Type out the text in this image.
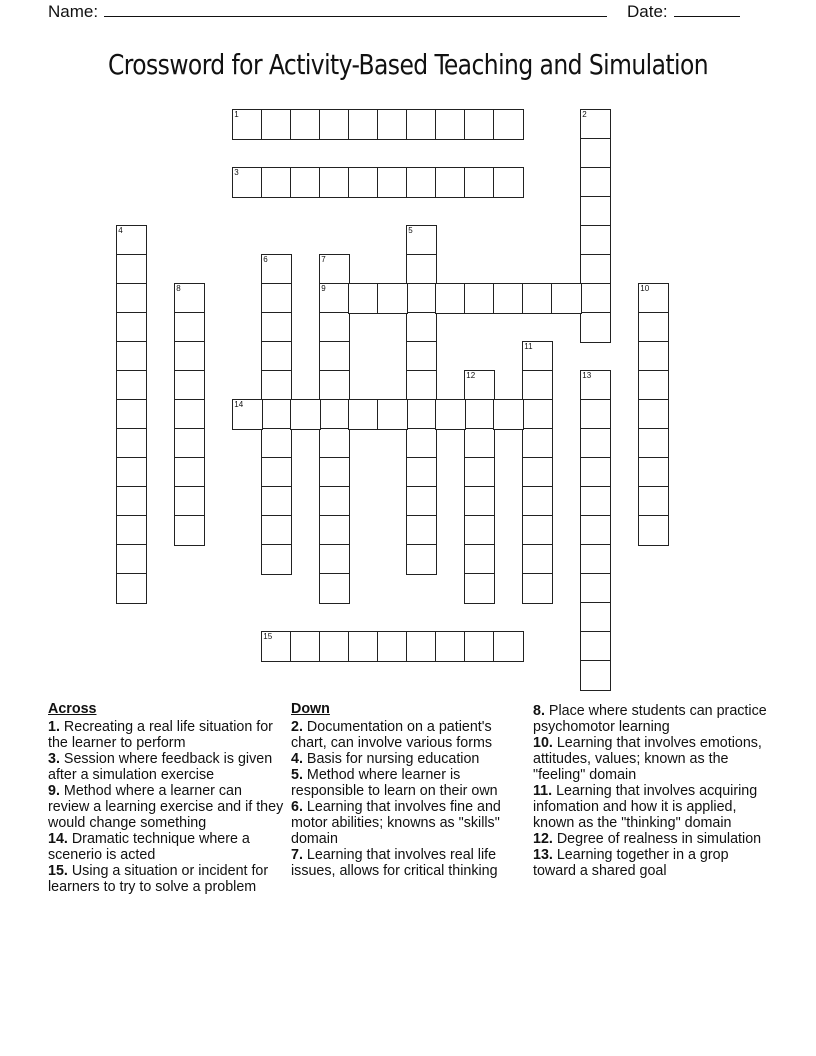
Name:	Date:
Crossword for Activity-Based Teaching and Simulation
1	2
3
4	5
6	7
9
8	10
11
12	13
14
15
Across
1. Recreating a real life situation for the learner to perform
3. Session where feedback is given after a simulation exercise
9. Method where a learner can review a learning exercise and if they would change something
14. Dramatic technique where a scenerio is acted
15. Using a situation or incident for learners to try to solve a problem
Down
2. Documentation on a patient's chart, can involve various forms
4. Basis for nursing education
5. Method where learner is responsible to learn on their own
6. Learning that involves fine and motor abilities; knowns as "skills" domain
7. Learning that involves real life issues, allows for critical thinking
8. Place where students can practice psychomotor learning
10. Learning that involves emotions, attitudes, values; known as the "feeling" domain
11. Learning that involves acquiring infomation and how it is applied, known as the "thinking" domain
12. Degree of realness in simulation
13. Learning together in a grop toward a shared goal
